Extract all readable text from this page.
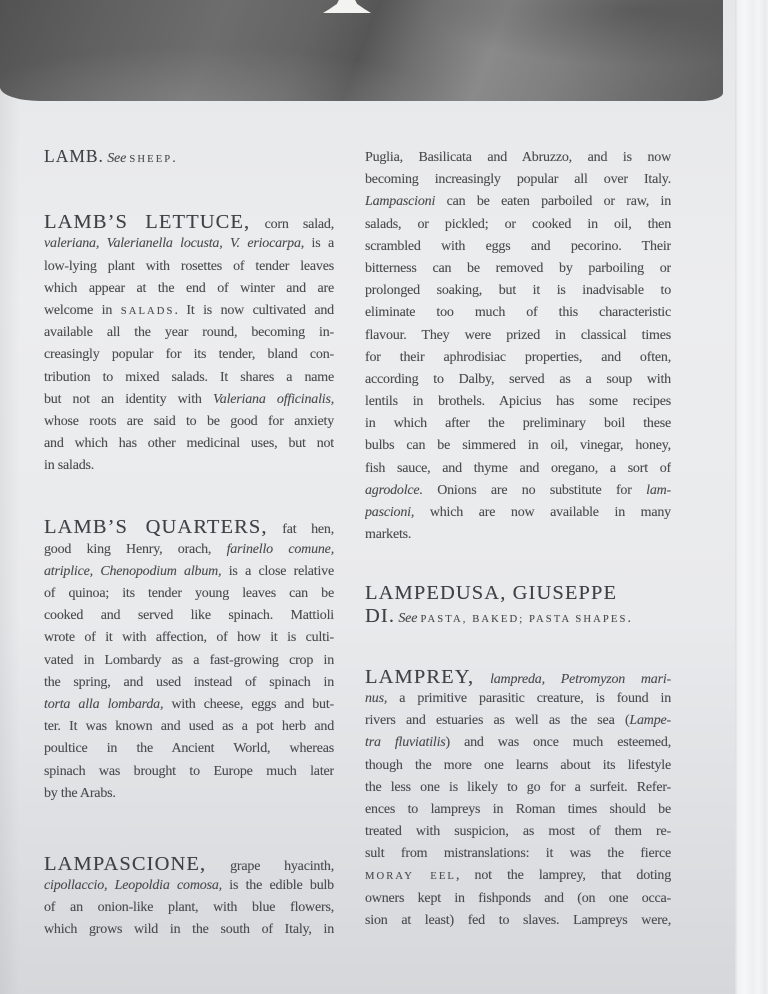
LAMB. See SHEEP.
LAMB’S LETTUCE, corn salad,
valeriana, Valerianella locusta, V. eriocarpa, is a
low-lying plant with rosettes of tender leaves
which appear at the end of winter and are
welcome in SALADS. It is now cultivated and
available all the year round, becoming in-
creasingly popular for its tender, bland con-
tribution to mixed salads. It shares a name
but not an identity with Valeriana officinalis,
whose roots are said to be good for anxiety
and which has other medicinal uses, but not
in salads.
LAMB’S QUARTERS, fat hen,
good king Henry, orach, farinello comune,
atriplice, Chenopodium album, is a close relative
of quinoa; its tender young leaves can be
cooked and served like spinach. Mattioli
wrote of it with affection, of how it is culti-
vated in Lombardy as a fast-growing crop in
the spring, and used instead of spinach in
torta alla lombarda, with cheese, eggs and but-
ter. It was known and used as a pot herb and
poultice in the Ancient World, whereas
spinach was brought to Europe much later
by the Arabs.
LAMPASCIONE, grape hyacinth,
cipollaccio, Leopoldia comosa, is the edible bulb
of an onion-like plant, with blue flowers,
which grows wild in the south of Italy, in
Puglia, Basilicata and Abruzzo, and is now
becoming increasingly popular all over Italy.
Lampascioni can be eaten parboiled or raw, in
salads, or pickled; or cooked in oil, then
scrambled with eggs and pecorino. Their
bitterness can be removed by parboiling or
prolonged soaking, but it is inadvisable to
eliminate too much of this characteristic
flavour. They were prized in classical times
for their aphrodisiac properties, and often,
according to Dalby, served as a soup with
lentils in brothels. Apicius has some recipes
in which after the preliminary boil these
bulbs can be simmered in oil, vinegar, honey,
fish sauce, and thyme and oregano, a sort of
agrodolce. Onions are no substitute for lam-
pascioni, which are now available in many
markets.
LAMPEDUSA, GIUSEPPE
DI. See PASTA, BAKED; PASTA SHAPES.
LAMPREY, lampreda, Petromyzon mari-
nus, a primitive parasitic creature, is found in
rivers and estuaries as well as the sea (Lampe-
tra fluviatilis) and was once much esteemed,
though the more one learns about its lifestyle
the less one is likely to go for a surfeit. Refer-
ences to lampreys in Roman times should be
treated with suspicion, as most of them re-
sult from mistranslations: it was the fierce
MORAY EEL, not the lamprey, that doting
owners kept in fishponds and (on one occa-
sion at least) fed to slaves. Lampreys were,
